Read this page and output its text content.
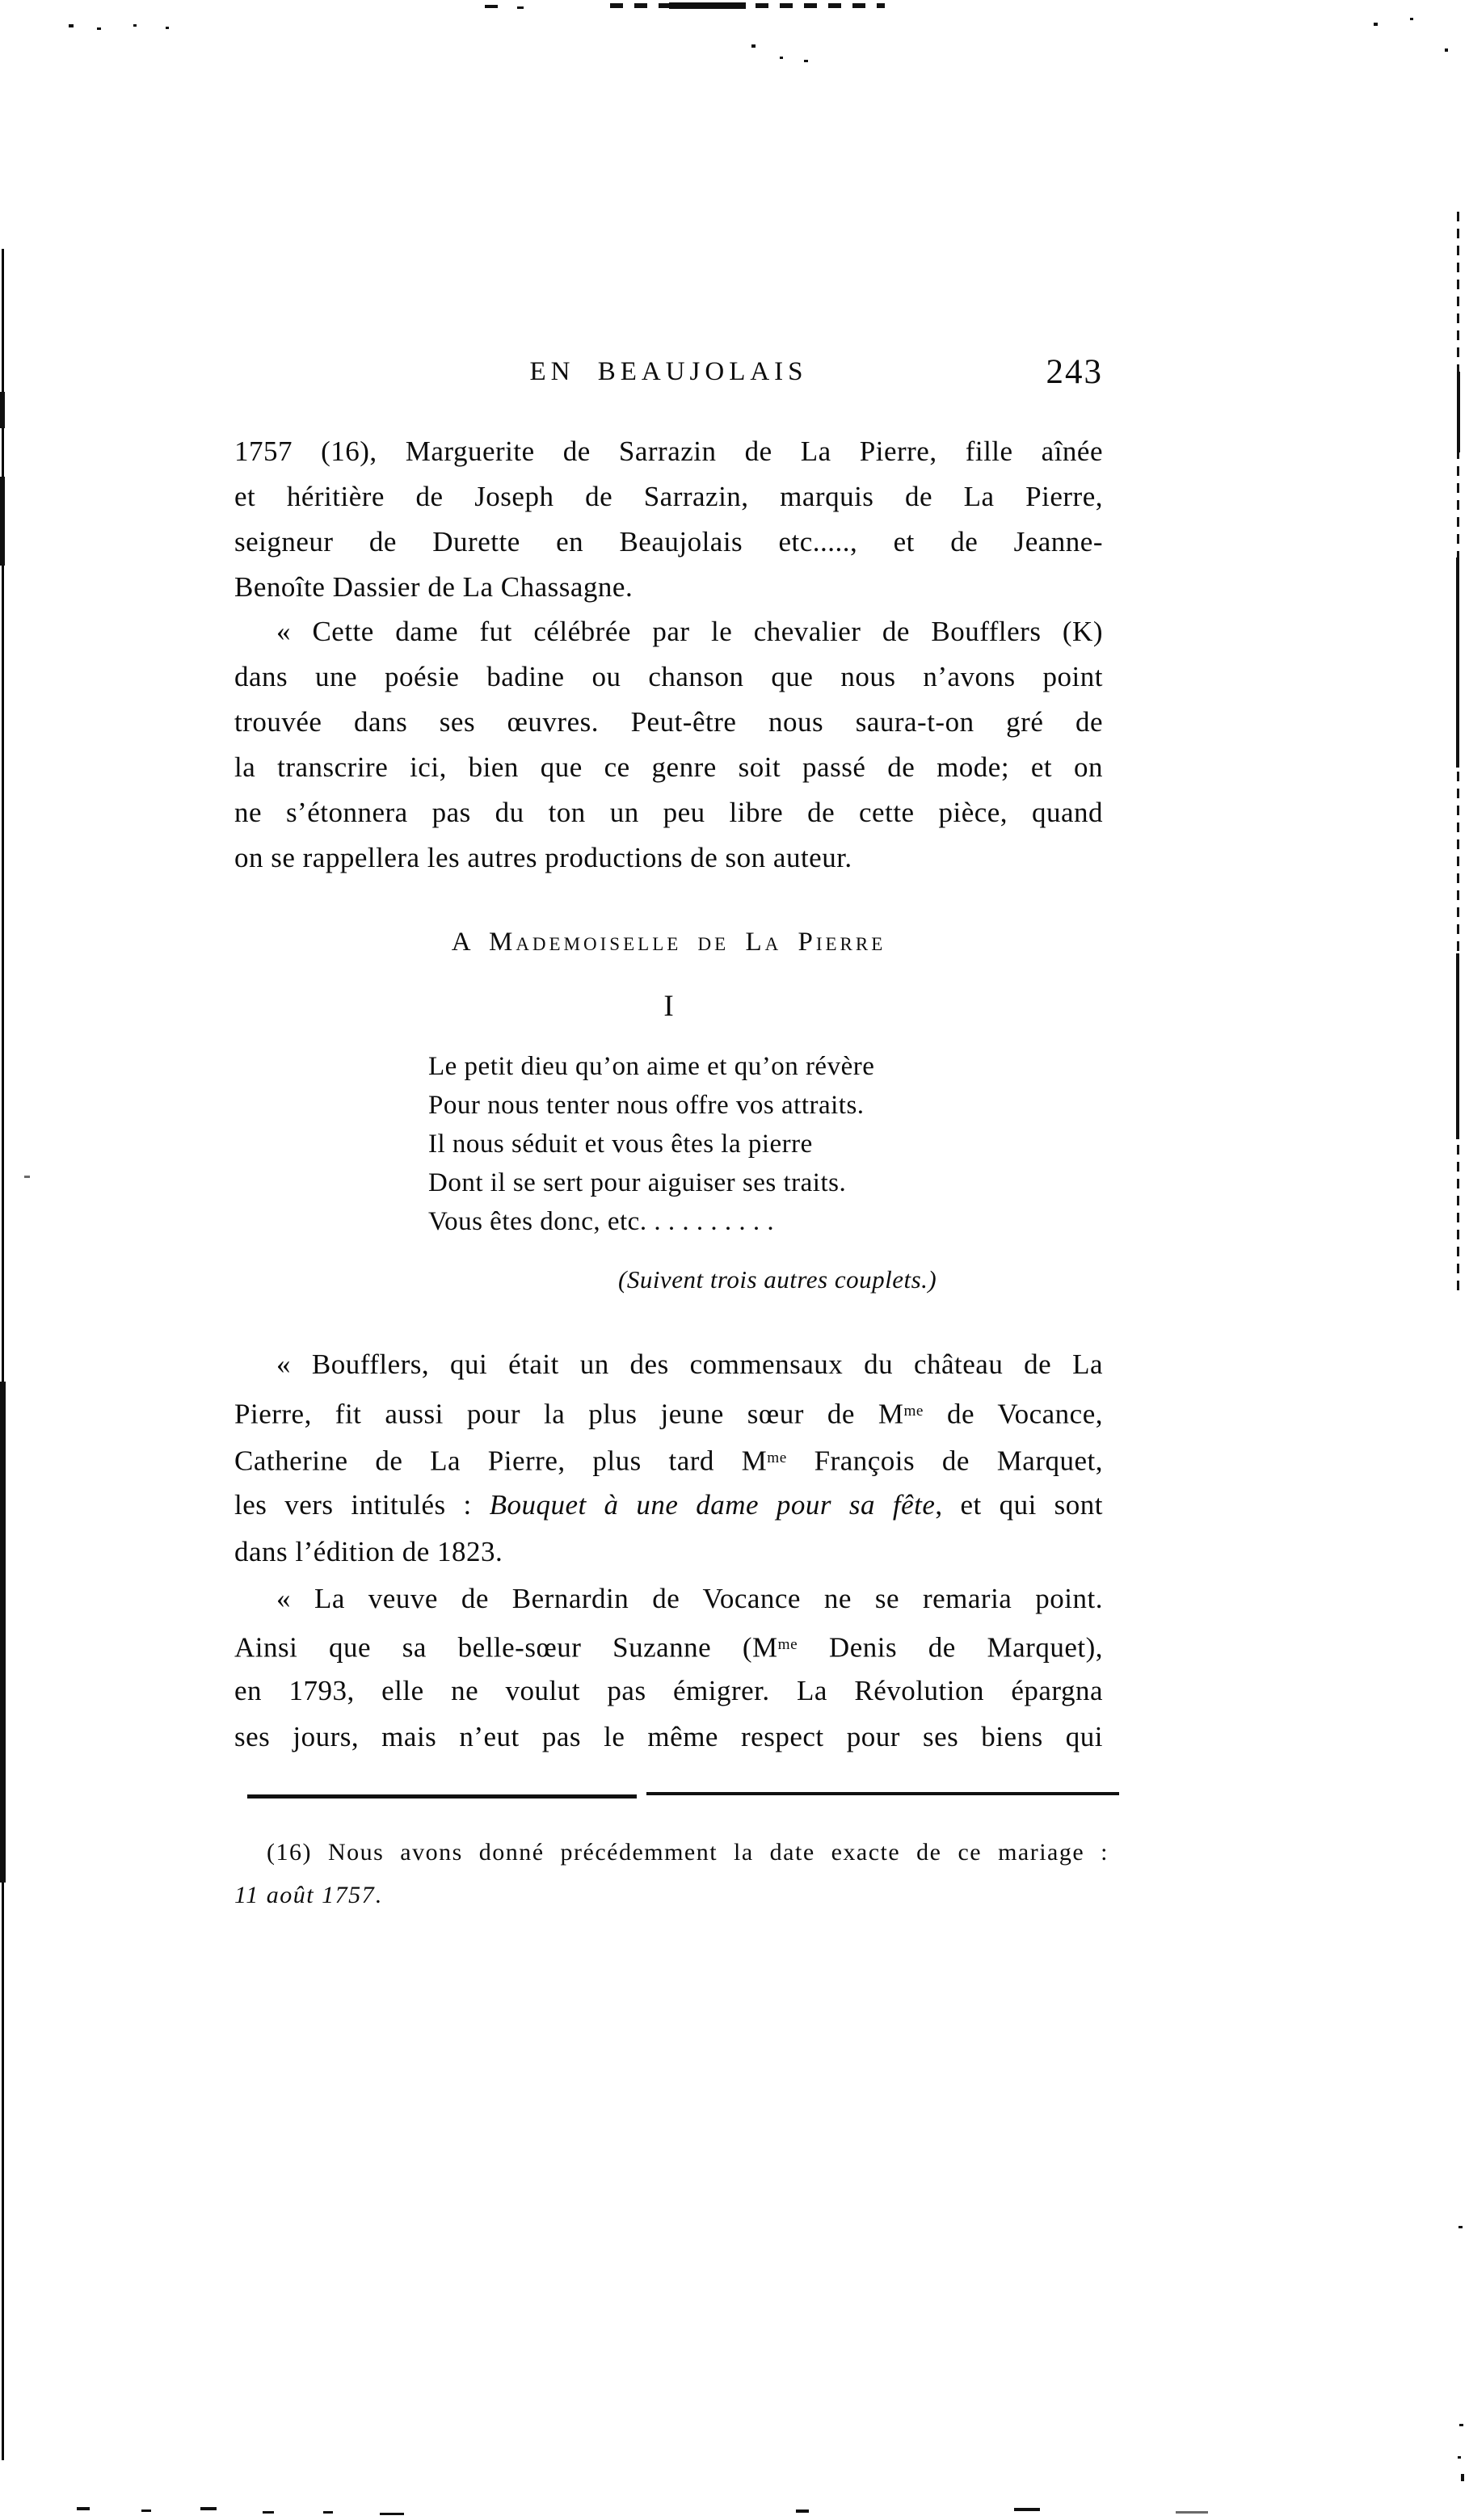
EN BEAUJOLAIS	243
1757 (16), Marguerite de Sarrazin de La Pierre, fille aînée
et héritière de Joseph de Sarrazin, marquis de La Pierre,
seigneur de Durette en Beaujolais etc....., et de Jeanne-
Benoîte Dassier de La Chassagne.
« Cette dame fut célébrée par le chevalier de Boufflers (K)
dans une poésie badine ou chanson que nous n’avons point
trouvée dans ses œuvres. Peut-être nous saura-t-on gré de
la transcrire ici, bien que ce genre soit passé de mode; et on
ne s’étonnera pas du ton un peu libre de cette pièce, quand
on se rappellera les autres productions de son auteur.
A Mademoiselle de La Pierre
I
Le petit dieu qu’on aime et qu’on révère
Pour nous tenter nous offre vos attraits.
Il nous séduit et vous êtes la pierre
Dont il se sert pour aiguiser ses traits.
Vous êtes donc, etc. . . . . . . . . .
(Suivent trois autres couplets.)
« Boufflers, qui était un des commensaux du château de La
Pierre, fit aussi pour la plus jeune sœur de $M^{me}$ de Vocance,
Catherine de La Pierre, plus tard $M^{me}$ François de Marquet,
les vers intitulés : Bouquet à une dame pour sa fête, et qui sont
dans l’édition de 1823.
« La veuve de Bernardin de Vocance ne se remaria point.
Ainsi que sa belle-sœur Suzanne ($M^{me}$ Denis de Marquet),
en 1793, elle ne voulut pas émigrer. La Révolution épargna
ses jours, mais n’eut pas le même respect pour ses biens qui
(16) Nous avons donné précédemment la date exacte de ce mariage :
11 août 1757.
